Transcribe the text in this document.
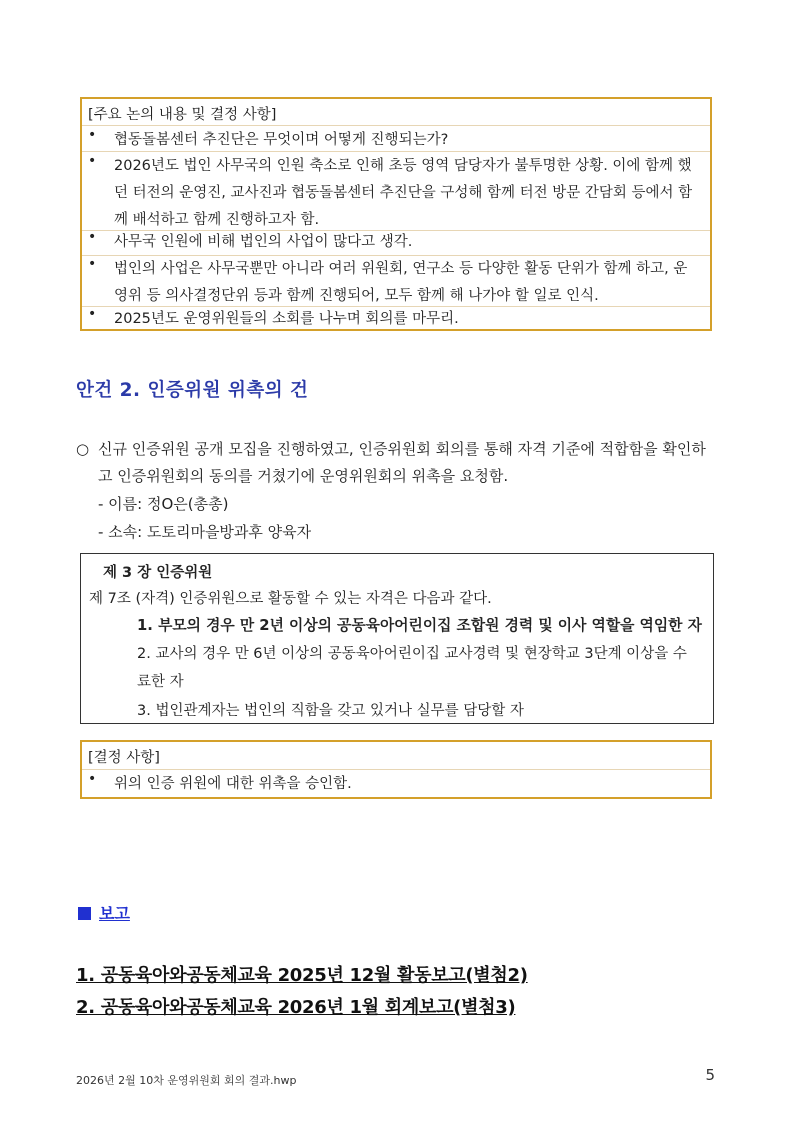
[주요 논의 내용 및 결정 사항]
• 협동돌봄센터 추진단은 무엇이며 어떻게 진행되는가?
• 2026년도 법인 사무국의 인원 축소로 인해 초등 영역 담당자가 불투명한 상황. 이에 함께 했
던 터전의 운영진, 교사진과 협동돌봄센터 추진단을 구성해 함께 터전 방문 간담회 등에서 함
께 배석하고 함께 진행하고자 함.
• 사무국 인원에 비해 법인의 사업이 많다고 생각.
• 법인의 사업은 사무국뿐만 아니라 여러 위원회, 연구소 등 다양한 활동 단위가 함께 하고, 운
영위 등 의사결정단위 등과 함께 진행되어, 모두 함께 해 나가야 할 일로 인식.
• 2025년도 운영위원들의 소회를 나누며 회의를 마무리.
안건 2. 인증위원 위촉의 건
○ 신규 인증위원 공개 모집을 진행하였고, 인증위원회 회의를 통해 자격 기준에 적합함을 확인하
고 인증위원회의 동의를 거쳤기에 운영위원회의 위촉을 요청함.
- 이름: 정O은(총총)
- 소속: 도토리마을방과후 양육자
제 3 장 인증위원
제 7조 (자격) 인증위원으로 활동할 수 있는 자격은 다음과 같다.
1. 부모의 경우 만 2년 이상의 공동육아어린이집 조합원 경력 및 이사 역할을 역임한 자
2. 교사의 경우 만 6년 이상의 공동육아어린이집 교사경력 및 현장학교 3단계 이상을 수
료한 자
3. 법인관계자는 법인의 직함을 갖고 있거나 실무를 담당할 자
[결정 사항]
• 위의 인증 위원에 대한 위촉을 승인함.
보고
1. 공동육아와공동체교육 2025년 12월 활동보고(별첨2)
2. 공동육아와공동체교육 2026년 1월 회계보고(별첨3)
2026년 2월 10차 운영위원회 회의 결과.hwp	5
